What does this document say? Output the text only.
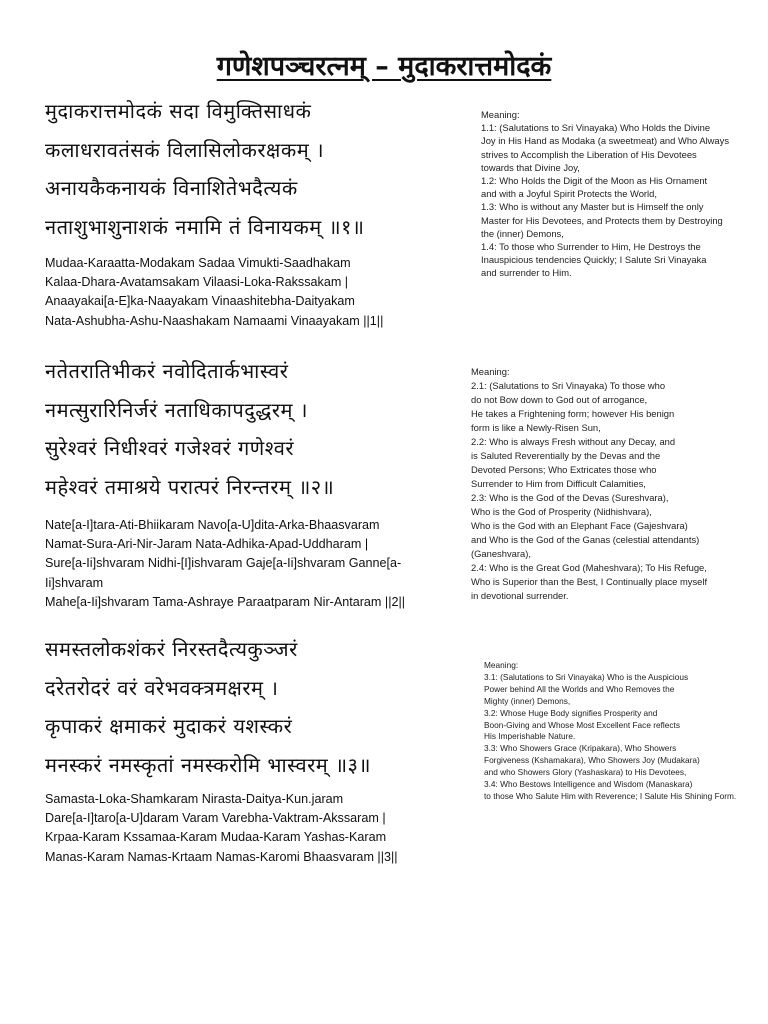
गणेशपञ्चरत्नम् – मुदाकरात्तमोदकं
मुदाकरात्तमोदकं सदा विमुक्तिसाधकं
कलाधरावतंसकं विलासिलोकरक्षकम् ।
अनायकैकनायकं विनाशितेभदैत्यकं
नताशुभाशुनाशकं नमामि तं विनायकम् ॥१॥
Mudaa-Karaatta-Modakam Sadaa Vimukti-Saadhakam
Kalaa-Dhara-Avatamsakam Vilaasi-Loka-Rakssakam |
Anaayakai[a-E]ka-Naayakam Vinaashitebha-Daityakam
Nata-Ashubha-Ashu-Naashakam Namaami Vinaayakam ||1||
Meaning:
1.1: (Salutations to Sri Vinayaka) Who Holds the Divine
Joy in His Hand as Modaka (a sweetmeat) and Who Always
strives to Accomplish the Liberation of His Devotees
towards that Divine Joy,
1.2: Who Holds the Digit of the Moon as His Ornament
and with a Joyful Spirit Protects the World,
1.3: Who is without any Master but is Himself the only
Master for His Devotees, and Protects them by Destroying
the (inner) Demons,
1.4: To those who Surrender to Him, He Destroys the
Inauspicious tendencies Quickly; I Salute Sri Vinayaka
and surrender to Him.
नतेतरातिभीकरं नवोदितार्कभास्वरं
नमत्सुरारिनिर्जरं नताधिकापदुद्धरम् ।
सुरेश्वरं निधीश्वरं गजेश्वरं गणेश्वरं
महेश्वरं तमाश्रये परात्परं निरन्तरम् ॥२॥
Nate[a-I]tara-Ati-Bhiikaram Navo[a-U]dita-Arka-Bhaasvaram
Namat-Sura-Ari-Nir-Jaram Nata-Adhika-Apad-Uddharam |
Sure[a-Ii]shvaram Nidhi-[I]ishvaram Gaje[a-Ii]shvaram Ganne[a-Ii]shvaram
Mahe[a-Ii]shvaram Tama-Ashraye Paraatparam Nir-Antaram ||2||
Meaning:
2.1: (Salutations to Sri Vinayaka) To those who
do not Bow down to God out of arrogance,
He takes a Frightening form; however His benign
form is like a Newly-Risen Sun,
2.2: Who is always Fresh without any Decay, and
is Saluted Reverentially by the Devas and the
Devoted Persons; Who Extricates those who
Surrender to Him from Difficult Calamities,
2.3: Who is the God of the Devas (Sureshvara),
Who is the God of Prosperity (Nidhishvara),
Who is the God with an Elephant Face (Gajeshvara)
and Who is the God of the Ganas (celestial attendants)
(Ganeshvara),
2.4: Who is the Great God (Maheshvara); To His Refuge,
Who is Superior than the Best, I Continually place myself
in devotional surrender.
समस्तलोकशंकरं निरस्तदैत्यकुञ्जरं
दरेतरोदरं वरं वरेभवक्त्रमक्षरम् ।
कृपाकरं क्षमाकरं मुदाकरं यशस्करं
मनस्करं नमस्कृतां नमस्करोमि भास्वरम् ॥३॥
Samasta-Loka-Shamkaram Nirasta-Daitya-Kun.jaram
Dare[a-I]taro[a-U]daram Varam Varebha-Vaktram-Akssaram |
Krpaa-Karam Kssamaa-Karam Mudaa-Karam Yashas-Karam
Manas-Karam Namas-Krtaam Namas-Karomi Bhaasvaram ||3||
Meaning:
3.1: (Salutations to Sri Vinayaka) Who is the Auspicious
Power behind All the Worlds and Who Removes the
Mighty (inner) Demons,
3.2: Whose Huge Body signifies Prosperity and
Boon-Giving and Whose Most Excellent Face reflects
His Imperishable Nature.
3.3: Who Showers Grace (Kripakara), Who Showers
Forgiveness (Kshamakara), Who Showers Joy (Mudakara)
and who Showers Glory (Yashaskara) to His Devotees,
3.4: Who Bestows Intelligence and Wisdom (Manaskara)
to those Who Salute Him with Reverence; I Salute His Shining Form.
